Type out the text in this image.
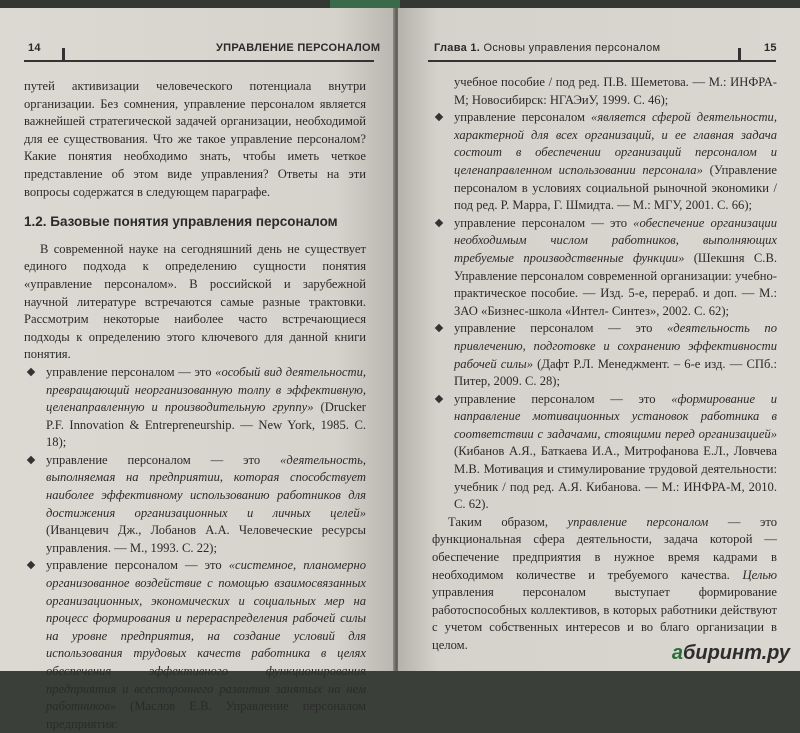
14	УПРАВЛЕНИЕ ПЕРСОНАЛОМ

путей активизации человеческого потенциала внутри организации. Без сомнения, управление персоналом является важнейшей стратегической задачей организации, необходимой для ее существования. Что же такое управление персоналом? Какие понятия необходимо знать, чтобы иметь четкое представление об этом виде управления? Ответы на эти вопросы содержатся в следующем параграфе.

1.2. Базовые понятия управления персоналом

В современной науке на сегодняшний день не существует единого подхода к определению сущности понятия «управление персоналом». В российской и зарубежной научной литературе встречаются самые разные трактовки. Рассмотрим некоторые наиболее часто встречающиеся подходы к определению этого ключевого для данной книги понятия.

управление персоналом — это «особый вид деятельности, превращающий неорганизованную толпу в эффективную, целенаправленную и производительную группу» (Drucker P.F. Innovation & Entrepreneurship. — New York, 1985. С. 18);
управление персоналом — это «деятельность, выполняемая на предприятии, которая способствует наиболее эффективному использованию работников для достижения организационных и личных целей» (Иванцевич Дж., Лобанов А.А. Человеческие ресурсы управления. — М., 1993. С. 22);
управление персоналом — это «системное, планомерно организованное воздействие с помощью взаимосвязанных организационных, экономических и социальных мер на процесс формирования и перераспределения рабочей силы на уровне предприятия, на создание условий для использования трудовых качеств работника в целях обеспечения эффективного функционирования предприятия и всестороннего развития занятых на нем работников» (Маслов Е.В. Управление персоналом предприятия:
Глава 1. Основы управления персоналом	15

учебное пособие / под ред. П.В. Шеметова. — М.: ИНФРА-М; Новосибирск: НГАЭиУ, 1999. С. 46);

управление персоналом «является сферой деятельности, характерной для всех организаций, и ее главная задача состоит в обеспечении организаций персоналом и целенаправленном использовании персонала» (Управление персоналом в условиях социальной рыночной экономики / под ред. Р. Марра, Г. Шмидта. — М.: МГУ, 2001. С. 66);
управление персоналом — это «обеспечение организации необходимым числом работников, выполняющих требуемые производственные функции» (Шекшня С.В. Управление персоналом современной организации: учебно-практическое пособие. — Изд. 5-е, перераб. и доп. — М.: ЗАО «Бизнес-школа «Интел- Синтез», 2002. С. 62);
управление персоналом — это «деятельность по привлечению, подготовке и сохранению эффективности рабочей силы» (Дафт Р.Л. Менеджмент. – 6-е изд. — СПб.: Питер, 2009. С. 28);
управление персоналом — это «формирование и направление мотивационных установок работника в соответствии с задачами, стоящими перед организацией» (Кибанов А.Я., Баткаева И.А., Митрофанова Е.Л., Ловчева М.В. Мотивация и стимулирование трудовой деятельности: учебник / под ред. А.Я. Кибанова. — М.: ИНФРА-М, 2010. С. 62).

Таким образом, управление персоналом — это функциональная сфера деятельности, задача которой — обеспечение предприятия в нужное время кадрами в необходимом количестве и требуемого качества. Целью управления персоналом выступает формирование работоспособных коллективов, в которых работники действуют с учетом собственных интересов и во благо организации в целом.	абuрuнт.ру
